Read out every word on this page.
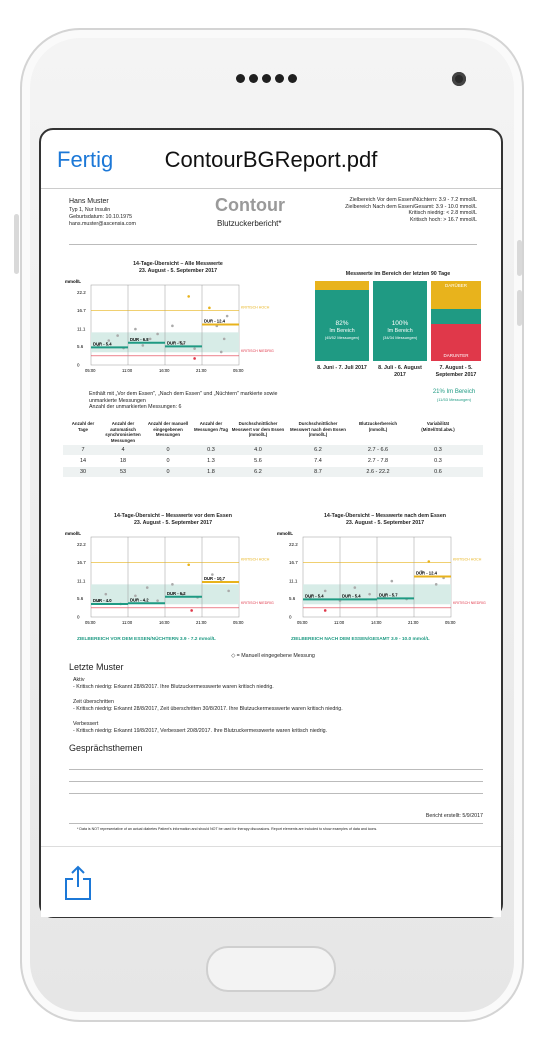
Fertig	ContourBGReport.pdf
Hans Muster
Typ 1, Nur Insulin
Geburtsdatum: 10.10.1975
hans.muster@ascensia.com
Contour
Blutzuckerbericht*
Zielbereich Vor dem Essen/Nüchtern: 3.9 - 7.2 mmol/L
Zielbereich Nach dem Essen/Gesamt: 3.9 - 10.0 mmol/L
Kritisch niedrig: < 2.8 mmol/L
Kritisch hoch: > 16.7 mmol/L
14-Tage-Übersicht – Alle Messwerte
23. August - 5. September 2017
mmol/L
22.2
16.7
11.1
5.6
0
05:00	11:00	16:00	21:00	05:00
KRITISCH HOCH
KRITISCH NIEDRIG
DUR - 5.4
DUR - 6.8
DUR - 5.7
DUR - 12.4
Enthält mit „Vor dem Essen", „Nach dem Essen" und „Nüchtern" markierte sowie unmarkierte Messungen
Anzahl der unmarkierten Messungen: 6
Messwerte im Bereich der letzten 90 Tage
82%
Im Bereich
(45/52 Messungen)
100%
Im Bereich
(34/34 Messungen)
DARÜBER
DARUNTER
8. Juni - 7. Juli 2017	8. Juli - 6. August 2017
7. August - 5. September 2017
21% Im Bereich
(11/53 Messungen)
Anzahl der Tage
Anzahl der automatisch synchronisierten Messungen
Anzahl der manuell eingegebenen Messungen
Anzahl der Messungen /Tag
Durchschnittlicher Messwert vor dem Essen (mmol/L)
Durchschnittlicher Messwert nach dem Essen (mmol/L)
Blutzuckerbereich (mmol/L)
Variabilität (Mittel/Std.abw.)
7	4	0	0.3	4.0	6.2	2.7 - 6.6	0.3
14	18	0	1.3	5.6	7.4	2.7 - 7.8	0.3
30	53	0	1.8	6.2	8.7	2.6 - 22.2	0.6
14-Tage-Übersicht – Messwerte vor dem Essen
23. August - 5. September 2017
mmol/L
22.2
16.7
11.1
5.6
0
05:00	11:00	16:00	21:00	05:00
KRITISCH HOCH
KRITISCH NIEDRIG
DUR - 4.0	DUR - 4.2
DUR - 6.2
DUR - 10.7
ZIELBEREICH VOR DEM ESSEN/NÜCHTERN 3.9 - 7.2 mmol/L
14-Tage-Übersicht – Messwerte nach dem Essen
23. August - 5. September 2017
mmol/L
22.2
16.7
11.1
5.6
0
05:00	11:00	14:00	21:00	05:00
KRITISCH HOCH
KRITISCH NIEDRIG
DUR - 5.4	DUR - 5.4	DUR - 5.7
DUR - 12.4
ZIELBEREICH NACH DEM ESSEN/GESAMT 3.9 - 10.0 mmol/L
◇ = Manuell eingegebene Messung
Letzte Muster
Aktiv
- Kritisch niedrig: Erkannt 28/8/2017. Ihre Blutzuckermesswerte waren kritisch niedrig.
Zeit überschritten
- Kritisch niedrig: Erkannt 28/8/2017, Zeit überschritten 30/8/2017. Ihre Blutzuckermesswerte waren kritisch niedrig.
Verbessert
- Kritisch niedrig: Erkannt 19/8/2017, Verbessert 20/8/2017. Ihre Blutzuckermesswerte waren kritisch niedrig.
Gesprächsthemen
Bericht erstellt: 5/9/2017
* Data is NOT representative of an actual diabetes Patient's information and should NOT be used for therapy discussions. Report elements are included to show examples of data and icons.
